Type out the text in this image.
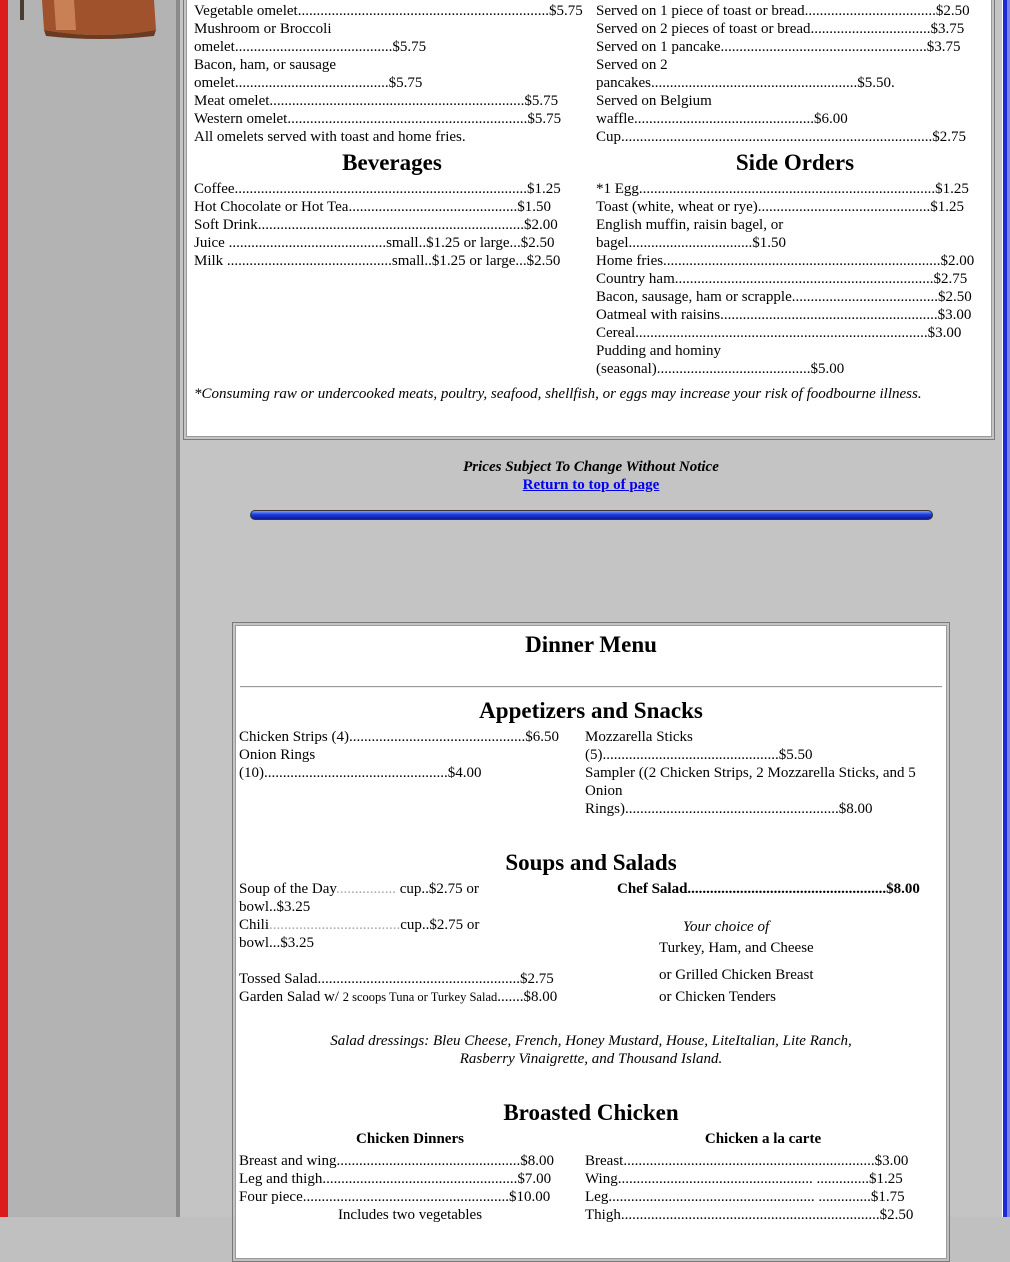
Vegetable omelet...................................................................$5.75
Mushroom or Broccoli
omelet..........................................$5.75
Bacon, ham, or sausage
omelet.........................................$5.75
Meat omelet....................................................................$5.75
Western omelet................................................................$5.75
All omelets served with toast and home fries.
Beverages
Coffee..............................................................................$1.25
Hot Chocolate or Hot Tea.............................................$1.50
Soft Drink.......................................................................$2.00
Juice ..........................................small..$1.25 or large...$2.50
Milk ............................................small..$1.25 or large...$2.50
Served on 1 piece of toast or bread...................................$2.50
Served on 2 pieces of toast or bread................................$3.75
Served on 1 pancake.......................................................$3.75
Served on 2
pancakes.......................................................$5.50.
Served on Belgium
waffle................................................$6.00
Cup...................................................................................$2.75
Side Orders
*1 Egg...............................................................................$1.25
Toast (white, wheat or rye)..............................................$1.25
English muffin, raisin bagel, or
bagel.................................$1.50
Home fries..........................................................................$2.00
Country ham.....................................................................$2.75
Bacon, sausage, ham or scrapple.......................................$2.50
Oatmeal with raisins..........................................................$3.00
Cereal..............................................................................$3.00
Pudding and hominy
(seasonal).........................................$5.00
*Consuming raw or undercooked meats, poultry, seafood, shellfish, or eggs may increase your risk of foodbourne illness.
Prices Subject To Change Without Notice
Return to top of page
Dinner Menu
Appetizers and Snacks
Chicken Strips (4)...............................................$6.50
Onion Rings
(10).................................................$4.00
Mozzarella Sticks
(5)...............................................$5.50
Sampler ((2 Chicken Strips, 2 Mozzarella Sticks, and 5 Onion
Rings).........................................................$8.00
Soups and Salads
Soup of the Day................ cup..$2.75 or
bowl..$3.25
Chili...................................cup..$2.75 or
bowl...$3.25
Tossed Salad......................................................$2.75
Garden Salad w/ 2 scoops Tuna or Turkey Salad.......$8.00
Chef Salad.....................................................$8.00
Your choice of
Turkey, Ham, and Cheese
or Grilled Chicken Breast
or Chicken Tenders
Salad dressings: Bleu Cheese, French, Honey Mustard, House, LiteItalian, Lite Ranch,
Rasberry Vinaigrette, and Thousand Island.
Broasted Chicken
Chicken Dinners	Chicken a la carte
Breast and wing.................................................$8.00
Leg and thigh....................................................$7.00
Four piece.......................................................$10.00
Includes two vegetables
Breast...................................................................$3.00
Wing.................................................... ..............$1.25
Leg....................................................... ..............$1.75
Thigh.....................................................................$2.50
